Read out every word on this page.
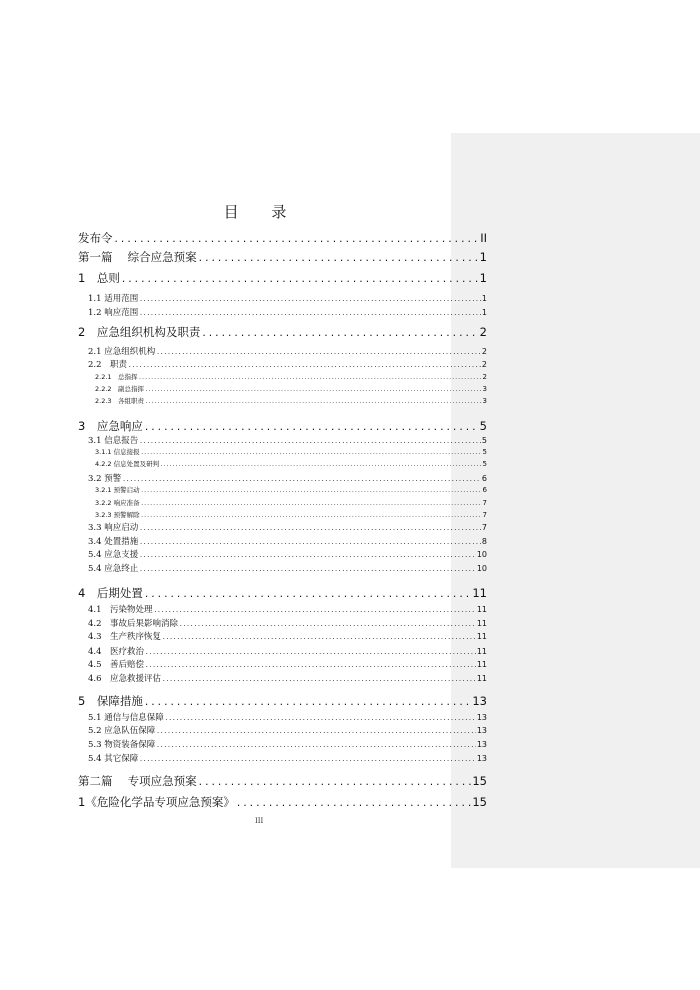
目 录
发布令 .....	II
第一篇　 综合应急预案 .....	1
1　总则 .....	1
1.1 适用范围 .....	1
1.2 响应范围 .....	1
2　应急组织机构及职责 .....	2
2.1 应急组织机构 .....	2
2.2　职责 .....	2
2.2.1　总指挥 .....	2
2.2.2　副总指挥 .....	3
2.2.3　各组职责 .....	3
3　应急响应 .....	5
3.1 信息报告 .....	5
3.1.1 信息接报 .....	5
4.2.2 信息处置及研判 .....	5
3.2 预警 .....	6
3.2.1 预警启动 .....	6
3.2.2 响应准备 .....	7
3.2.3 预警解除 .....	7
3.3 响应启动 .....	7
3.4 处置措施 .....	8
5.4 应急支援 .....	10
5.4 应急终止 .....	10
4　后期处置 .....	11
4.1　污染物处理 .....	11
4.2　事故后果影响消除 .....	11
4.3　生产秩序恢复 .....	11
4.4　医疗救治 .....	11
4.5　善后赔偿 .....	11
4.6　应急救援评估 .....	11
5　保障措施 .....	13
5.1 通信与信息保障 .....	13
5.2 应急队伍保障 .....	13
5.3 物资装备保障 .....	13
5.4 其它保障 .....	13
第二篇　 专项应急预案 .....	15
1《危险化学品专项应急预案》 .....	15
III
